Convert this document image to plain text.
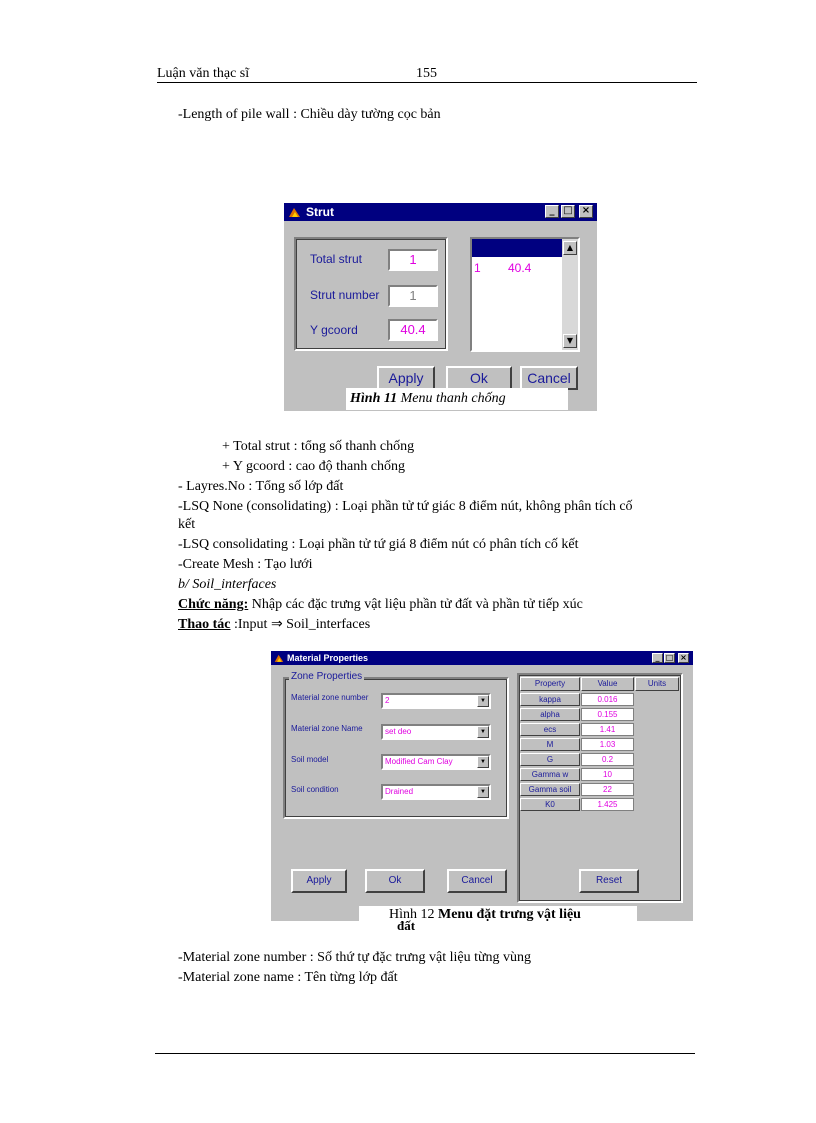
Luận văn thạc sĩ	155
-Length of pile wall : Chiều dày tường cọc bản
Strut	_ □ ×
Total strut	1
Strut number	1
Y gcoord	40.4
1 40.4
▲
▼
Apply	Ok	Cancel
Hình 11 Menu thanh chống
+ Total strut : tổng số thanh chống
+ Y gcoord : cao độ thanh chống
- Layres.No : Tổng số lớp đất
-LSQ None (consolidating) : Loại phần tử tứ giác 8 điểm nút, không phân tích cố
kết
-LSQ consolidating : Loại phần tử tứ giá 8 điểm nút có phân tích cố kết
-Create Mesh : Tạo lưới
b/ Soil_interfaces
Chức năng: Nhập các đặc trưng vật liệu phần tử đất và phần tử tiếp xúc
Thao tác :Input ⇒ Soil_interfaces
Material Properties	_ □ ×
Zone Properties
Material zone number	2	▼
Material zone Name	set deo	▼
Soil model	Modified Cam Clay	▼
Soil condition	Drained	▼
Property	Value	Units
kappa	0.016
alpha	0.155
ecs	1.41
M	1.03
G	0.2
Gamma w	10
Gamma soil	22
K0	1.425
Apply	Ok	Cancel	Reset
Hình 12 Menu đặt trưng vật liệu
đất
-Material zone number : Số thứ tự đặc trưng vật liệu từng vùng
-Material zone name : Tên từng lớp đất
